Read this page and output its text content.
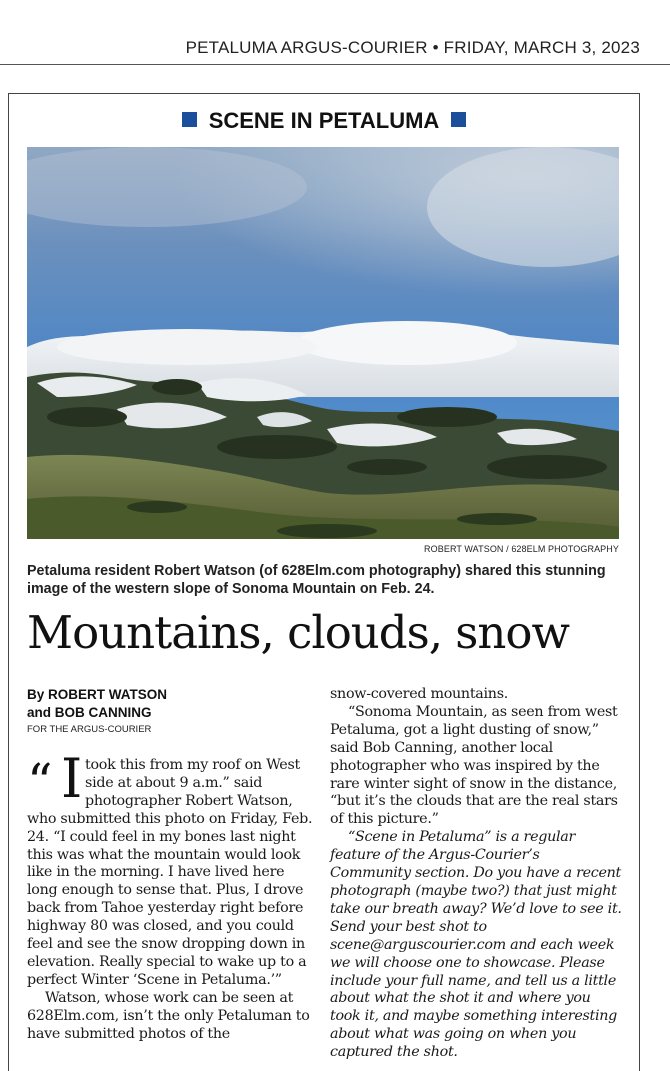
PETALUMA ARGUS-COURIER • FRIDAY, MARCH 3, 2023
SCENE IN PETALUMA
ROBERT WATSON / 628ELM PHOTOGRAPHY
Petaluma resident Robert Watson (of 628Elm.com photography) shared this stunning image of the western slope of Sonoma Mountain on Feb. 24.
Mountains, clouds, snow
By ROBERT WATSON
and BOB CANNING
FOR THE ARGUS-COURIER
“ I took this from my roof on West side at about 9 a.m.” said photographer Robert Watson, who submitted this photo on Friday, Feb. 24. “I could feel in my bones last night this was what the mountain would look like in the morning. I have lived here long enough to sense that. Plus, I drove back from Tahoe yesterday right before highway 80 was closed, and you could feel and see the snow dropping down in elevation. Really special to wake up to a perfect Winter ‘Scene in Petaluma.’”

Watson, whose work can be seen at 628Elm.com, isn’t the only Petaluman to have submitted photos of the

snow-covered mountains.

“Sonoma Mountain, as seen from west Petaluma, got a light dusting of snow,” said Bob Canning, another local photographer who was inspired by the rare winter sight of snow in the distance, “but it’s the clouds that are the real stars of this picture.”

“Scene in Petaluma” is a regular feature of the Argus-Courier’s Community section. Do you have a recent photograph (maybe two?) that just might take our breath away? We’d love to see it. Send your best shot to scene@arguscourier.com and each week we will choose one to showcase. Please include your full name, and tell us a little about what the shot it and where you took it, and maybe something interesting about what was going on when you captured the shot.
